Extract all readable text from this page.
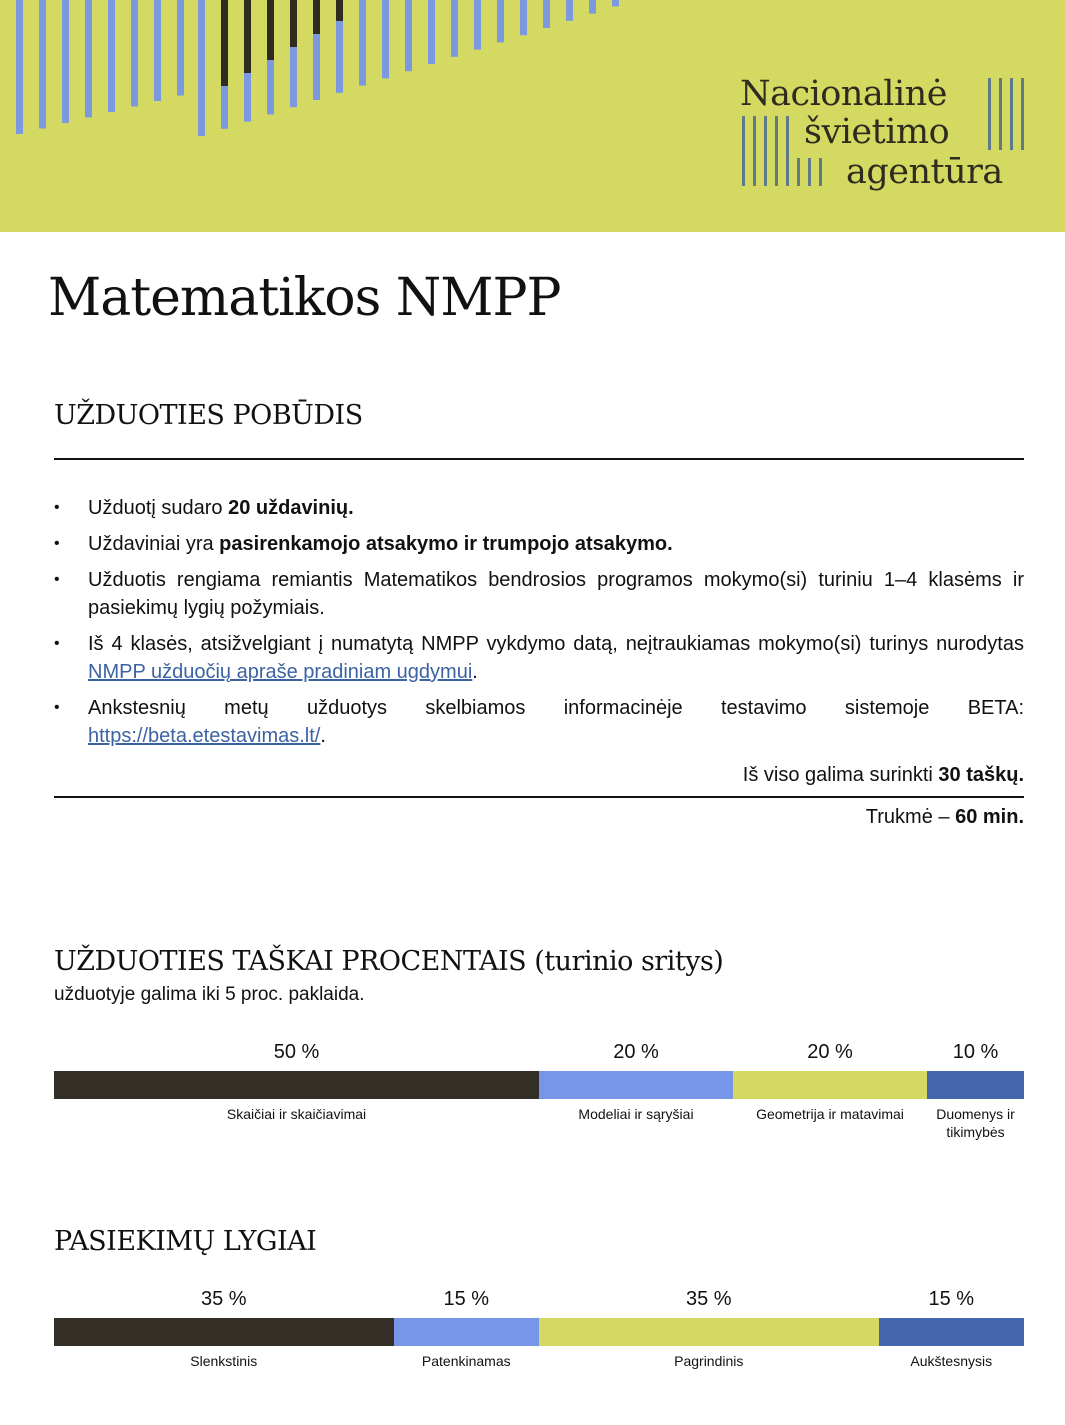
Nacionalinė
švietimo
agentūra
Matematikos NMPP
UŽDUOTIES POBŪDIS
• Užduotį sudaro 20 uždavinių.
• Uždaviniai yra pasirenkamojo atsakymo ir trumpojo atsakymo.
• Užduotis rengiama remiantis Matematikos bendrosios programos mokymo(si) turiniu 1–4 klasėms ir pasiekimų lygių požymiais.
• Iš 4 klasės, atsižvelgiant į numatytą NMPP vykdymo datą, neįtraukiamas mokymo(si) turinys nurodytas NMPP užduočių apraše pradiniam ugdymui.
• Ankstesnių metų užduotys skelbiamos informacinėje testavimo sistemoje BETA: https://beta.etestavimas.lt/.
Iš viso galima surinkti 30 taškų.
Trukmė – 60 min.
UŽDUOTIES TAŠKAI PROCENTAIS (turinio sritys)
užduotyje galima iki 5 proc. paklaida.
50 %	20 %	20 %	10 %
Skaičiai ir skaičiavimai	Modeliai ir sąryšiai	Geometrija ir matavimai	Duomenys ir tikimybės
PASIEKIMŲ LYGIAI
35 %	15 %	35 %	15 %
Slenkstinis	Patenkinamas	Pagrindinis	Aukštesnysis
